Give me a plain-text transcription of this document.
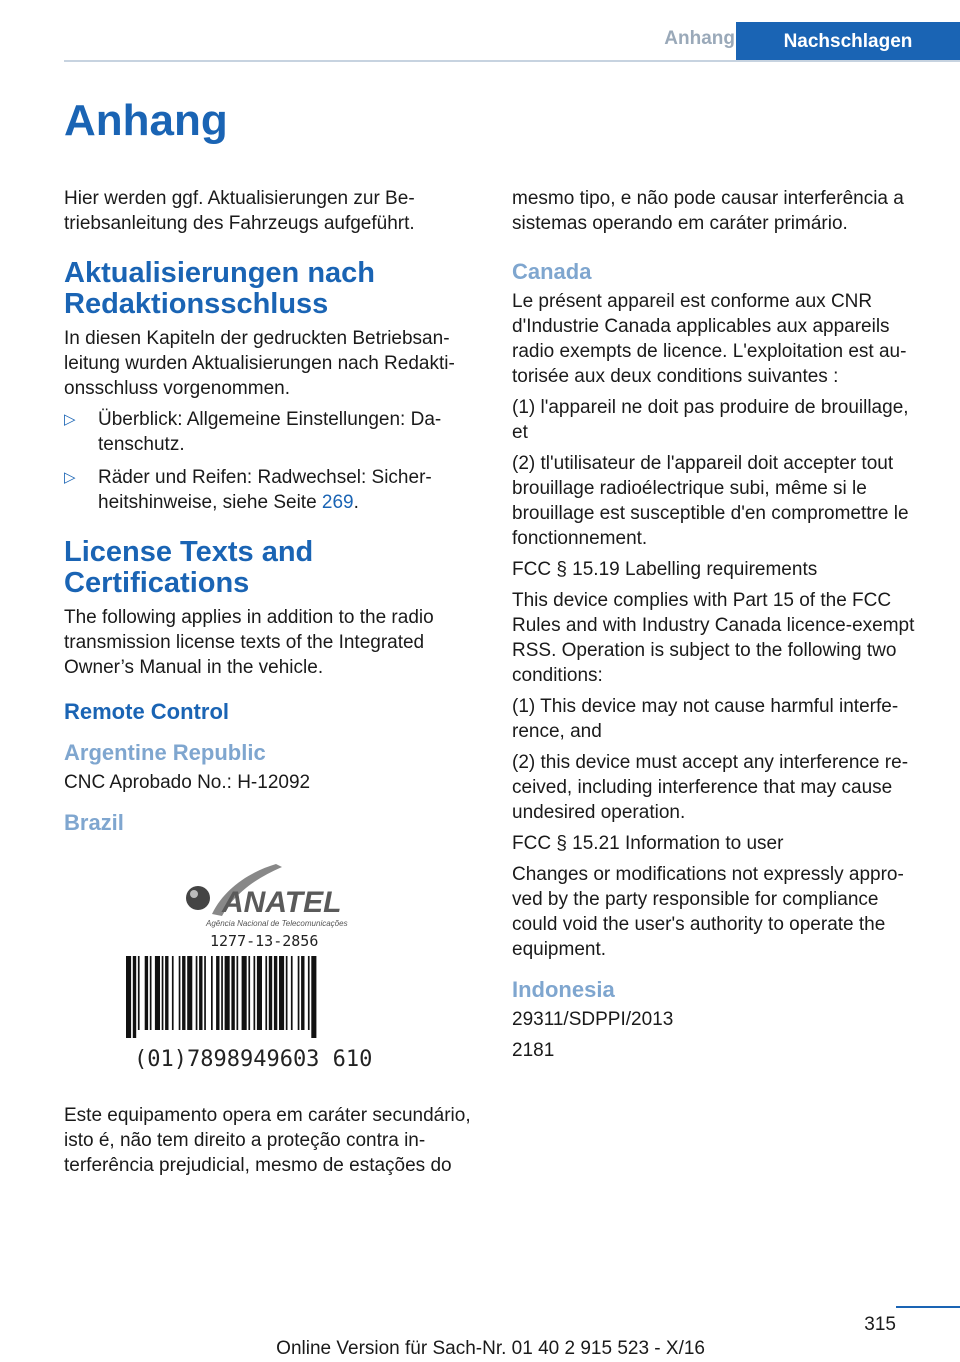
Anhang	Nachschlagen
Anhang

Hier werden ggf. Aktualisierungen zur Betriebsanleitung des Fahrzeugs aufgeführt.

Aktualisierungen nach Redaktionsschluss

In diesen Kapiteln der gedruckten Betriebsanleitung wurden Aktualisierungen nach Redaktionsschluss vorgenommen.

▷ Überblick: Allgemeine Einstellungen: Datenschutz.
▷ Räder und Reifen: Radwechsel: Sicherheitshinweise, siehe Seite 269.
License Texts and Certifications

The following applies in addition to the radio transmission license texts of the Integrated Owner’s Manual in the vehicle.

Remote Control
Argentine Republic

CNC Aprobado No.: H-12092

Brazil
ANATEL
Agência Nacional de Telecomunicações
1277-13-2856
(01)7898949603 610

Este equipamento opera em caráter secundário, isto é, não tem direito a proteção contra interferência prejudicial, mesmo de estações do

mesmo tipo, e não pode causar interferência a sistemas operando em caráter primário.

Canada

Le présent appareil est conforme aux CNR d'Industrie Canada applicables aux appareils radio exempts de licence. L'exploitation est autorisée aux deux conditions suivantes :

(1) l'appareil ne doit pas produire de brouillage, et

(2) tl'utilisateur de l'appareil doit accepter tout brouillage radioélectrique subi, même si le brouillage est susceptible d'en compromettre le fonctionnement.

FCC § 15.19 Labelling requirements

This device complies with Part 15 of the FCC Rules and with Industry Canada licence-exempt RSS. Operation is subject to the following two conditions:

(1) This device may not cause harmful interference, and

(2) this device must accept any interference received, including interference that may cause undesired operation.

FCC § 15.21 Information to user

Changes or modifications not expressly approved by the party responsible for compliance could void the user's authority to operate the equipment.

Indonesia

29311/SDPPI/2013

2181

315
Online Version für Sach-Nr. 01 40 2 915 523 - X/16
